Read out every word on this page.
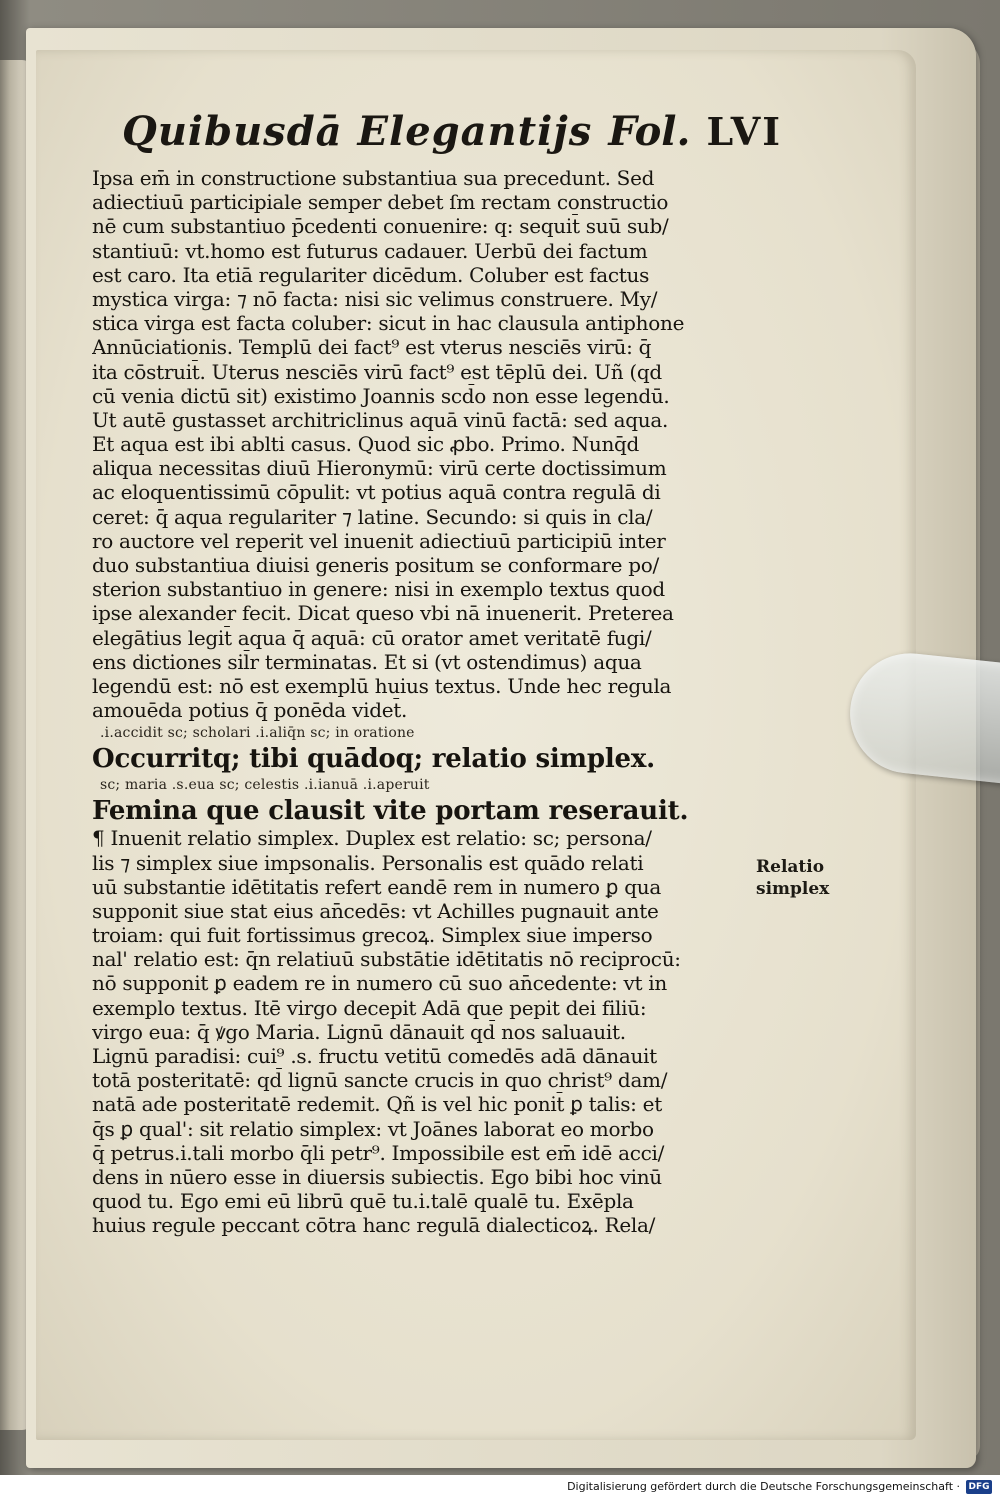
Quibusdā Elegantijs Fol. LVI
Ipsa em̄ in constructione substantiua sua precedunt. Sed
adiectiuū participiale semper debet ſm rectam constructio
nē cum substantiuo p̄cedenti conuenire: q: sequit̄ suū sub/
stantiuū: vt.homo est futurus cadauer. Uerbū dei factum
est caro. Ita etiā regulariter dicēdum. Coluber est factus
mystica virga: ⁊ nō facta: nisi sic velimus construere. My/
stica virga est facta coluber: sicut in hac clausula antiphone
Annūciationis. Templū dei fact⁹ est vterus nesciēs virū: q̄
ita cōstruit̄. Uterus nesciēs virū fact⁹ est tēplū dei. Uñ (qd
cū venia dictū sit) existimo Joannis scd̄o non esse legendū.
Ut autē gustasset architriclinus aquā vinū factā: sed aqua.
Et aqua est ibi ablti casus. Quod sic ꝓbo. Primo. Nunq̄d
aliqua necessitas diuū Hieronymū: virū certe doctissimum
ac eloquentissimū cōpulit: vt potius aquā contra regulā di
ceret: q̄ aqua regulariter ⁊ latine. Secundo: si quis in cla/
ro auctore vel reperit vel inuenit adiectiuū participiū inter
duo substantiua diuisi generis positum se conformare po/
sterion substantiuo in genere: nisi in exemplo textus quod
ipse alexander fecit. Dicat queso vbi nā inuenerit. Preterea
elegātius legit̄ aqua q̄ aquā: cū orator amet veritatē fugi/
ens dictiones sil̄r terminatas. Et si (vt ostendimus) aqua
legendū est: nō est exemplū huius textus. Unde hec regula
amouēda potius q̄ ponēda videt̄.
.i.accidit sc; scholari .i.aliq̄n sc; in oratione
Occurritq; tibi quādoq; relatio simplex.
sc; maria .s.eua sc; celestis .i.ianuā .i.aperuit
Femina que clausit vite portam reserauit.
¶ Inuenit relatio simplex. Duplex est relatio: sc; persona/
lis ⁊ simplex siue impsonalis. Personalis est quādo relati
uū substantie idētitatis refert eandē rem in numero ꝑ qua
supponit siue stat eius an̄cedēs: vt Achilles pugnauit ante
troiam: qui fuit fortissimus grecoꝝ. Simplex siue imperso
nal' relatio est: q̄n relatiuū substātie idētitatis nō reciprocū:
nō supponit ꝑ eadem re in numero cū suo an̄cedente: vt in
exemplo textus. Itē virgo decepit Adā que pepit dei filiū:
virgo eua: q̄ ꝟgo Maria. Lignū dānauit qd̄ nos saluauit.
Lignū paradisi: cui⁹ .s. fructu vetitū comedēs adā dānauit
totā posteritatē: qd̄ lignū sancte crucis in quo christ⁹ dam/
natā ade posteritatē redemit. Qñ is vel hic ponit̄ ꝑ talis: et
q̄s ꝑ qual': sit relatio simplex: vt Joānes laborat eo morbo
q̄ petrus.i.tali morbo q̄li petr⁹. Impossibile est em̄ idē acci/
dens in nūero esse in diuersis subiectis. Ego bibi hoc vinū
quod tu. Ego emi eū librū quē tu.i.talē qualē tu. Exēpla
huius regule peccant cōtra hanc regulā dialecticoꝝ. Rela/
Relatio
simplex
Digitalisierung gefördert durch die Deutsche Forschungsgemeinschaft · DFG
